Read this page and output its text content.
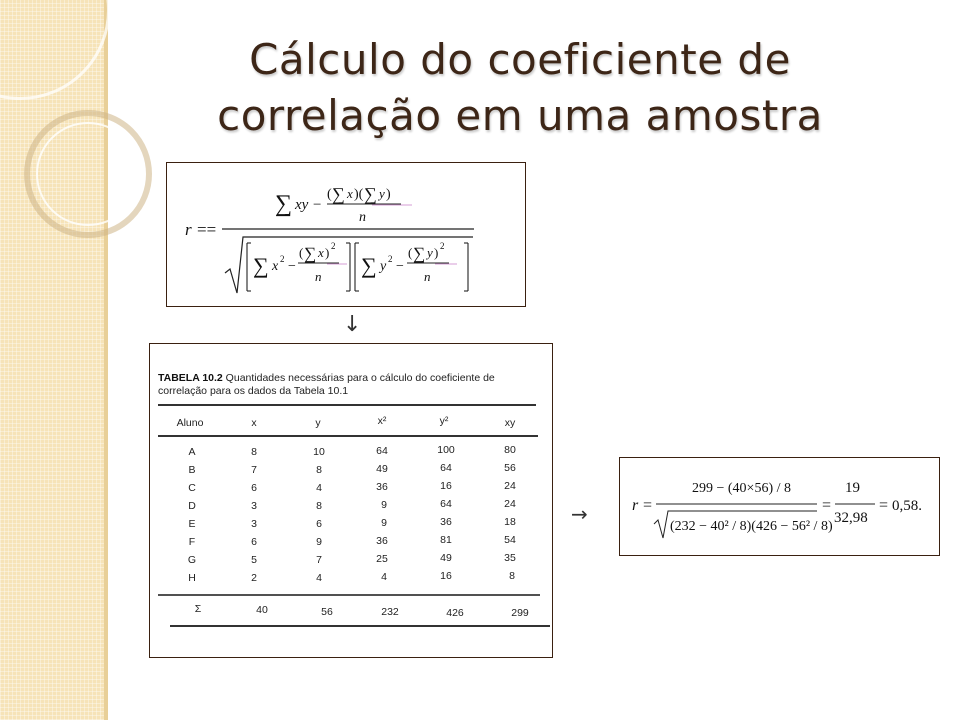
Cálculo do coeficiente de
correlação em uma amostra
r ==
∑ xy −
( ∑ x )( ∑ y )
n
∑ x 2 −
( ∑ x ) 2
n ∑ y 2 −
( ∑ y ) 2
n
↓
TABELA 10.2 Quantidades necessárias para o cálculo do coeficiente de correlação para os dados da Tabela 10.1
Aluno	x	y	x²	y²	xy
A	8	10	64	100	80
B	7	8	49	64	56
C	6	4	36	16	24
D	3	8	9	64	24
E	3	6	9	36	18
F	6	9	36	81	54
G	5	7	25	49	35
H	2	4	4	16	8
Σ	40	56	232	426	299
→	r =
299 − (40×56) / 8
(232 − 40² / 8)(426 − 56² / 8)
=
19
32,98
= 0,58.
